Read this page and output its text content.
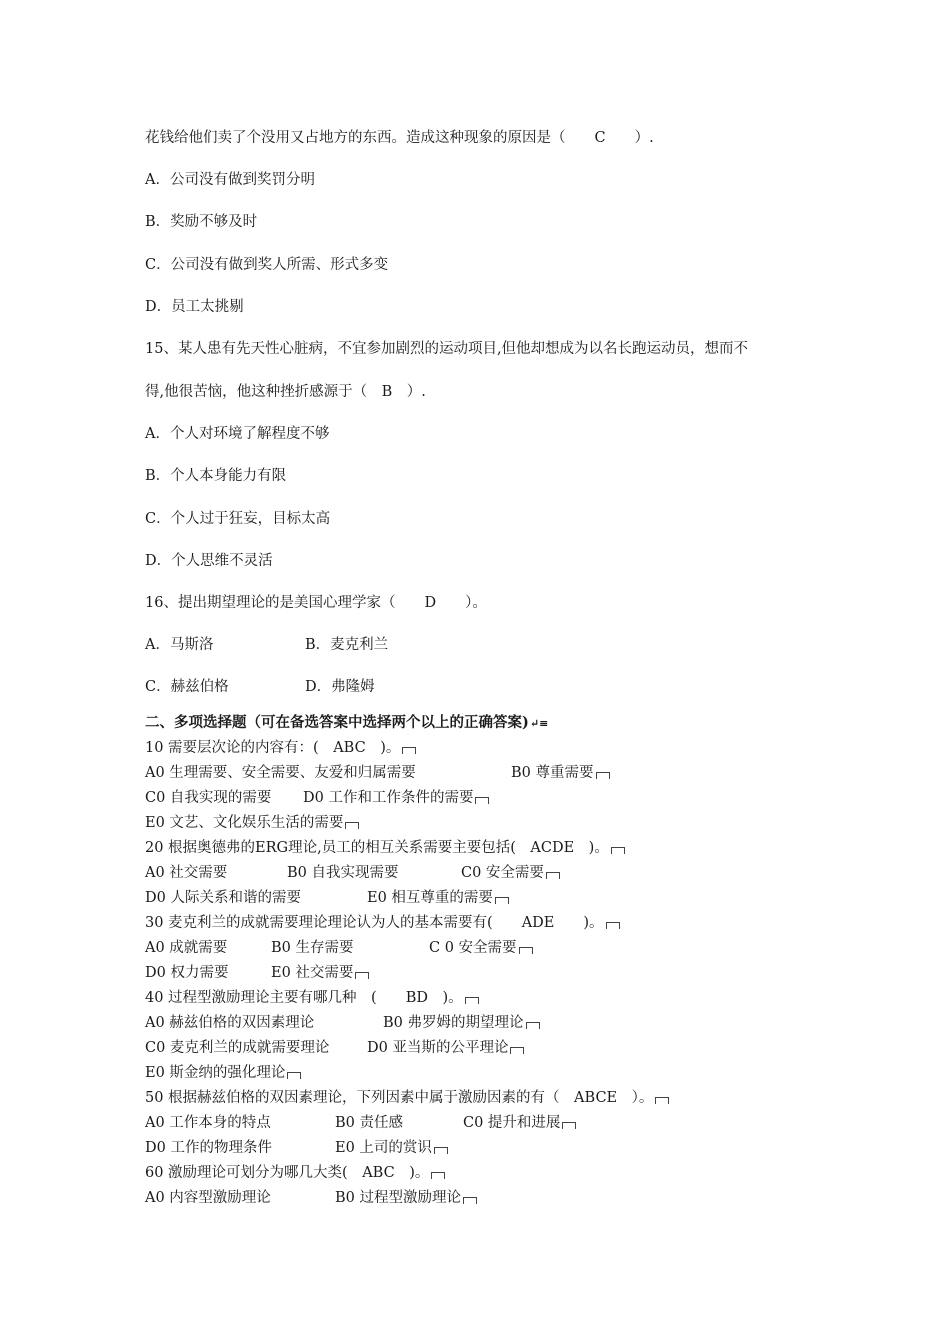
花钱给他们卖了个没用又占地方的东西。造成这种现象的原因是（　　C　　）.
A．公司没有做到奖罚分明
B．奖励不够及时
C．公司没有做到奖人所需、形式多变
D．员工太挑剔
15、某人患有先天性心脏病，不宜参加剧烈的运动项目,但他却想成为以名长跑运动员，想而不
得,他很苦恼，他这种挫折感源于（　B　）.
A．个人对环境了解程度不够
B．个人本身能力有限
C．个人过于狂妄，目标太高
D．个人思维不灵活
16、提出期望理论的是美国心理学家（　　D　　）。
A．马斯洛	B．麦克利兰
C．赫兹伯格	D．弗隆姆
二、多项选择题（可在备选答案中选择两个以上的正确答案)↵≡
10 需要层次论的内容有：(　ABC　)。
A0 生理需要、安全需要、友爱和归属需要	B0 尊重需要
C0 自我实现的需要 D0 工作和工作条件的需要
E0 文艺、文化娱乐生活的需要
20 根据奥德弗的ERG理论,员工的相互关系需要主要包括(　ACDE　)。
A0 社交需要	B0 自我实现需要	C0 安全需要
D0 人际关系和谐的需要	E0 相互尊重的需要
30 麦克利兰的成就需要理论理论认为人的基本需要有(　　ADE　　)。
A0 成就需要	B0 生存需要	C 0 安全需要
D0 权力需要	E0 社交需要
40 过程型激励理论主要有哪几种　(　　BD　)。
A0 赫兹伯格的双因素理论	B0 弗罗姆的期望理论
C0 麦克利兰的成就需要理论	D0 亚当斯的公平理论
E0 斯金纳的强化理论
50 根据赫兹伯格的双因素理论，下列因素中属于激励因素的有（　ABCE　）。
A0 工作本身的特点	B0 责任感	C0 提升和进展
D0 工作的物理条件	E0 上司的赏识
60 激励理论可划分为哪几大类(　ABC　)。
A0 内容型激励理论	B0 过程型激励理论
